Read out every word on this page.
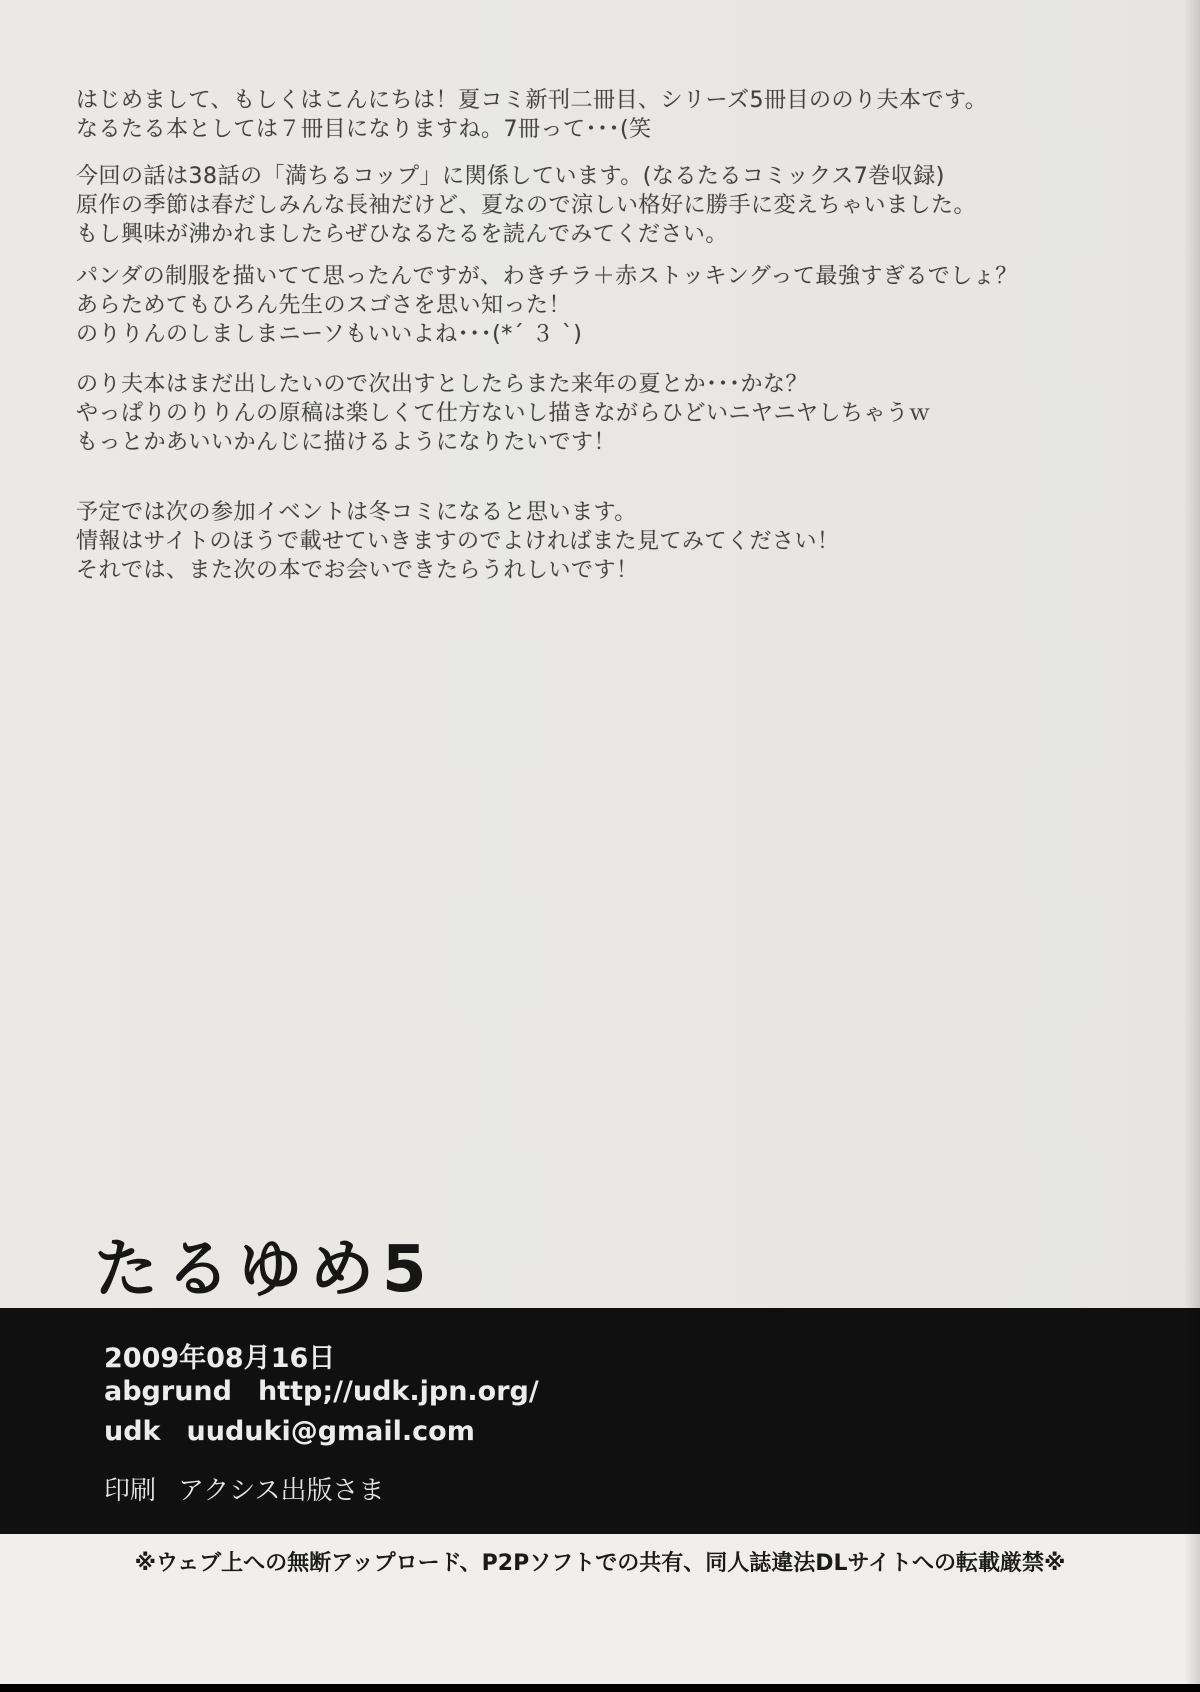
はじめまして、もしくはこんにちは！夏コミ新刊二冊目、シリーズ5冊目ののり夫本です。
なるたる本としては７冊目になりますね。7冊って･･･(笑
今回の話は38話の「満ちるコップ」に関係しています。(なるたるコミックス7巻収録)
原作の季節は春だしみんな長袖だけど、夏なので涼しい格好に勝手に変えちゃいました。
もし興味が沸かれましたらぜひなるたるを読んでみてください。
パンダの制服を描いてて思ったんですが、わきチラ＋赤ストッキングって最強すぎるでしょ？
あらためてもひろん先生のスゴさを思い知った！
のりりんのしましまニーソもいいよね･･･(*´ ３ `)
のり夫本はまだ出したいので次出すとしたらまた来年の夏とか･･･かな？
やっぱりのりりんの原稿は楽しくて仕方ないし描きながらひどいニヤニヤしちゃうｗ
もっとかあいいかんじに描けるようになりたいです！
予定では次の参加イベントは冬コミになると思います。
情報はサイトのほうで載せていきますのでよければまた見てみてください！
それでは、また次の本でお会いできたらうれしいです！
たるゆめ5
2009年08月16日
abgrund http;//udk.jpn.org/
udk uuduki@gmail.com
印刷 アクシス出版さま
※ウェブ上への無断アップロード、P2Pソフトでの共有、同人誌違法DLサイトへの転載厳禁※
